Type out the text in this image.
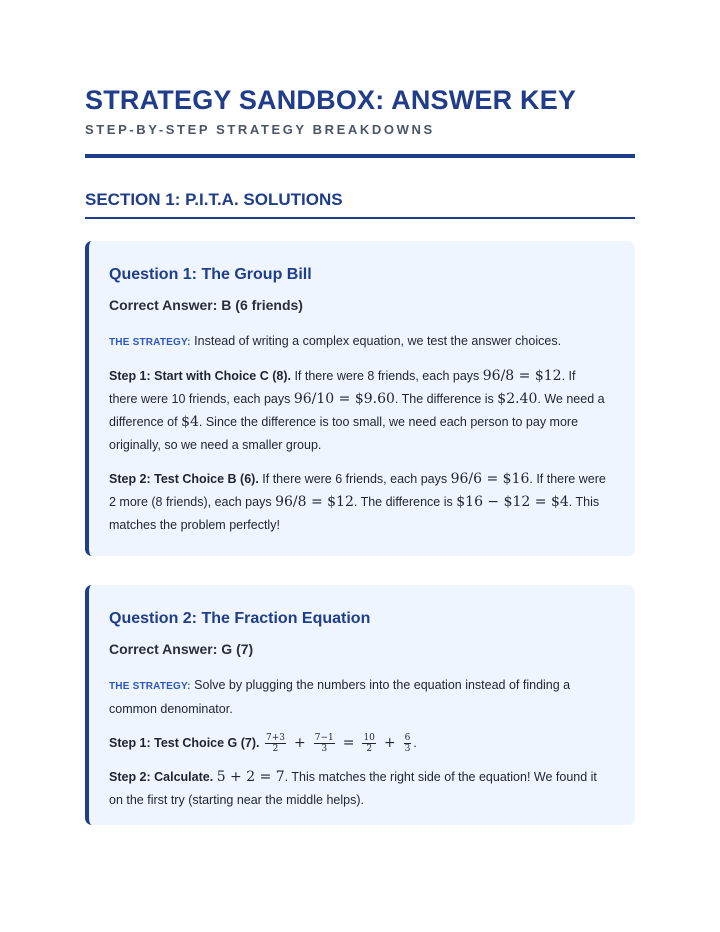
STRATEGY SANDBOX: ANSWER KEY
STEP-BY-STEP STRATEGY BREAKDOWNS
SECTION 1: P.I.T.A. SOLUTIONS
Question 1: The Group Bill
Correct Answer: B (6 friends)

THE STRATEGY: Instead of writing a complex equation, we test the answer choices.

Step 1: Start with Choice C (8). If there were 8 friends, each pays 96/8 = $12. If there were 10 friends, each pays 96/10 = $9.60. The difference is $2.40. We need a difference of $4. Since the difference is too small, we need each person to pay more originally, so we need a smaller group.

Step 2: Test Choice B (6). If there were 6 friends, each pays 96/6 = $16. If there were 2 more (8 friends), each pays 96/8 = $12. The difference is $16 − $12 = $4. This matches the problem perfectly!

Question 2: The Fraction Equation
Correct Answer: G (7)

THE STRATEGY: Solve by plugging the numbers into the equation instead of finding a common denominator.

Step 1: Test Choice G (7). $\frac{7+3}{2} + \frac{7-1}{3} = \frac{10}{2} + \frac{6}{3}$ .

Step 2: Calculate. 5 + 2 = 7. This matches the right side of the equation! We found it on the first try (starting near the middle helps).
